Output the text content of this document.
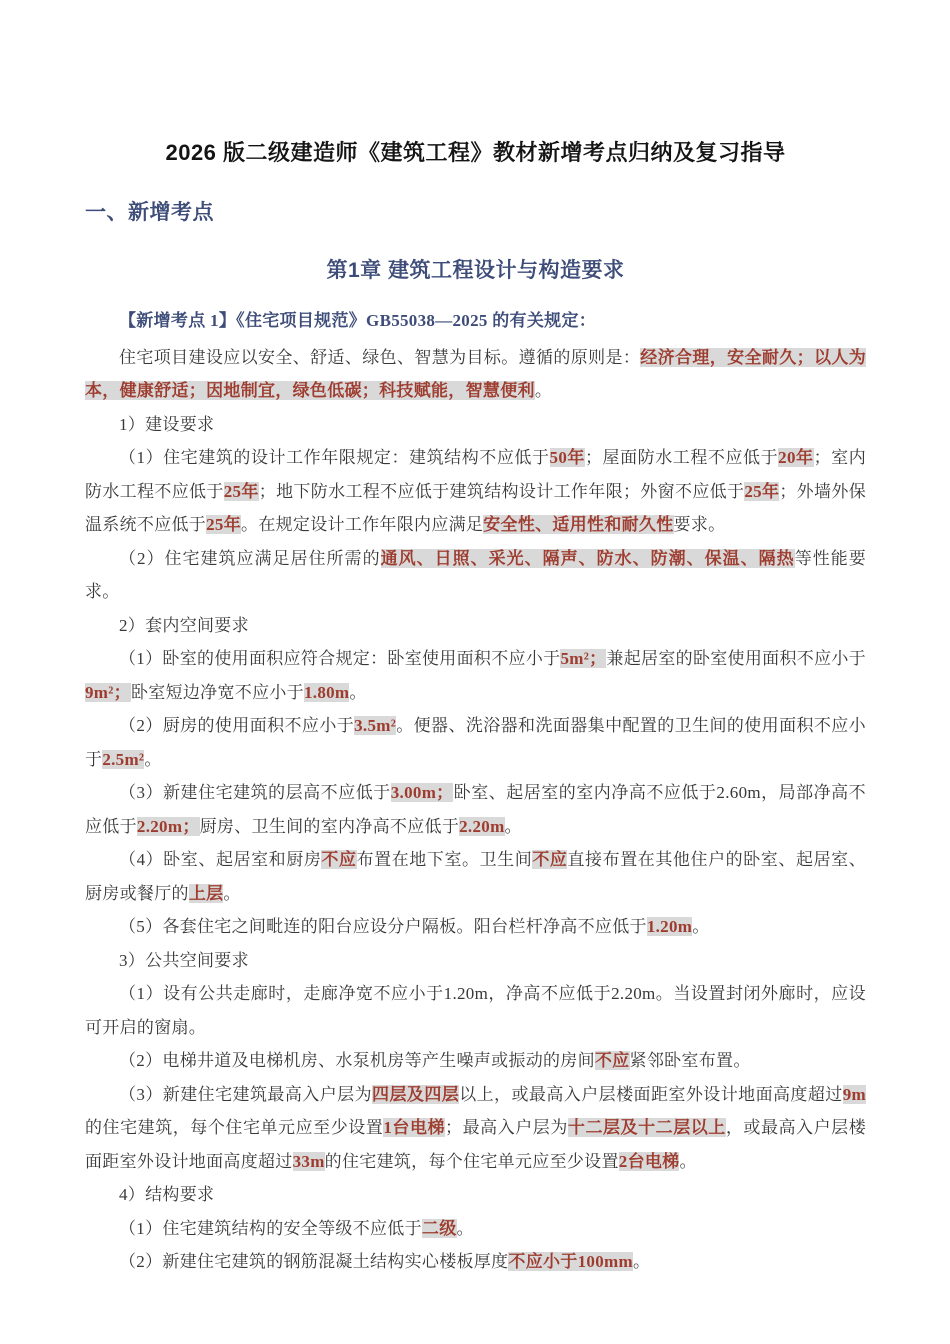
2026 版二级建造师《建筑工程》教材新增考点归纳及复习指导
一、新增考点
第1章 建筑工程设计与构造要求

【新增考点 1】《住宅项目规范》GB55038—2025 的有关规定：

住宅项目建设应以安全、舒适、绿色、智慧为目标。遵循的原则是：经济合理，安全耐久；以人为本，健康舒适；因地制宜，绿色低碳；科技赋能，智慧便利。

1）建设要求

（1）住宅建筑的设计工作年限规定：建筑结构不应低于50年；屋面防水工程不应低于20年；室内防水工程不应低于25年；地下防水工程不应低于建筑结构设计工作年限；外窗不应低于25年；外墙外保温系统不应低于25年。在规定设计工作年限内应满足安全性、适用性和耐久性要求。

（2）住宅建筑应满足居住所需的通风、日照、采光、隔声、防水、防潮、保温、隔热等性能要求。

2）套内空间要求

（1）卧室的使用面积应符合规定：卧室使用面积不应小于5m²；兼起居室的卧室使用面积不应小于9m²；卧室短边净宽不应小于1.80m。

（2）厨房的使用面积不应小于3.5m²。便器、洗浴器和洗面器集中配置的卫生间的使用面积不应小于2.5m²。

（3）新建住宅建筑的层高不应低于3.00m；卧室、起居室的室内净高不应低于2.60m，局部净高不应低于2.20m；厨房、卫生间的室内净高不应低于2.20m。

（4）卧室、起居室和厨房不应布置在地下室。卫生间不应直接布置在其他住户的卧室、起居室、厨房或餐厅的上层。

（5）各套住宅之间毗连的阳台应设分户隔板。阳台栏杆净高不应低于1.20m。

3）公共空间要求

（1）设有公共走廊时，走廊净宽不应小于1.20m，净高不应低于2.20m。当设置封闭外廊时，应设可开启的窗扇。

（2）电梯井道及电梯机房、水泵机房等产生噪声或振动的房间不应紧邻卧室布置。

（3）新建住宅建筑最高入户层为四层及四层以上，或最高入户层楼面距室外设计地面高度超过9m的住宅建筑，每个住宅单元应至少设置1台电梯；最高入户层为十二层及十二层以上，或最高入户层楼面距室外设计地面高度超过33m的住宅建筑，每个住宅单元应至少设置2台电梯。

4）结构要求

（1）住宅建筑结构的安全等级不应低于二级。

（2）新建住宅建筑的钢筋混凝土结构实心楼板厚度不应小于100mm。
